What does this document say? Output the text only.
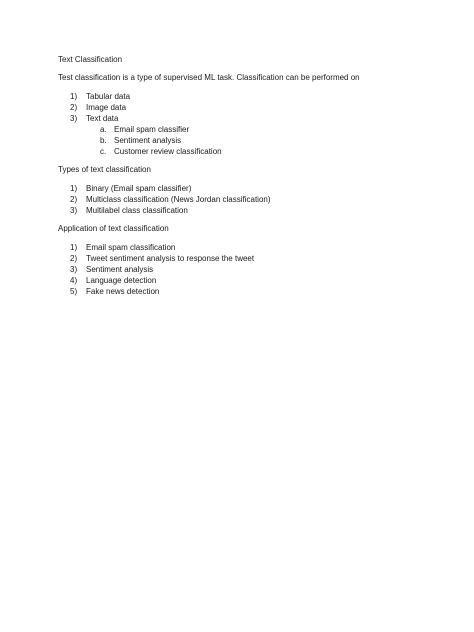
Text Classification

Test classification is a type of supervised ML task. Classification can be performed on

1) Tabular data
2) Image data
3) Text data
a. Email spam classifier
b. Sentiment analysis
c. Customer review classification

Types of text classification

1) Binary (Email spam classifier)
2) Multiclass classification (News Jordan classification)
3) Multilabel class classification

Application of text classification

1) Email spam classification
2) Tweet sentiment analysis to response the tweet
3) Sentiment analysis
4) Language detection
5) Fake news detection
